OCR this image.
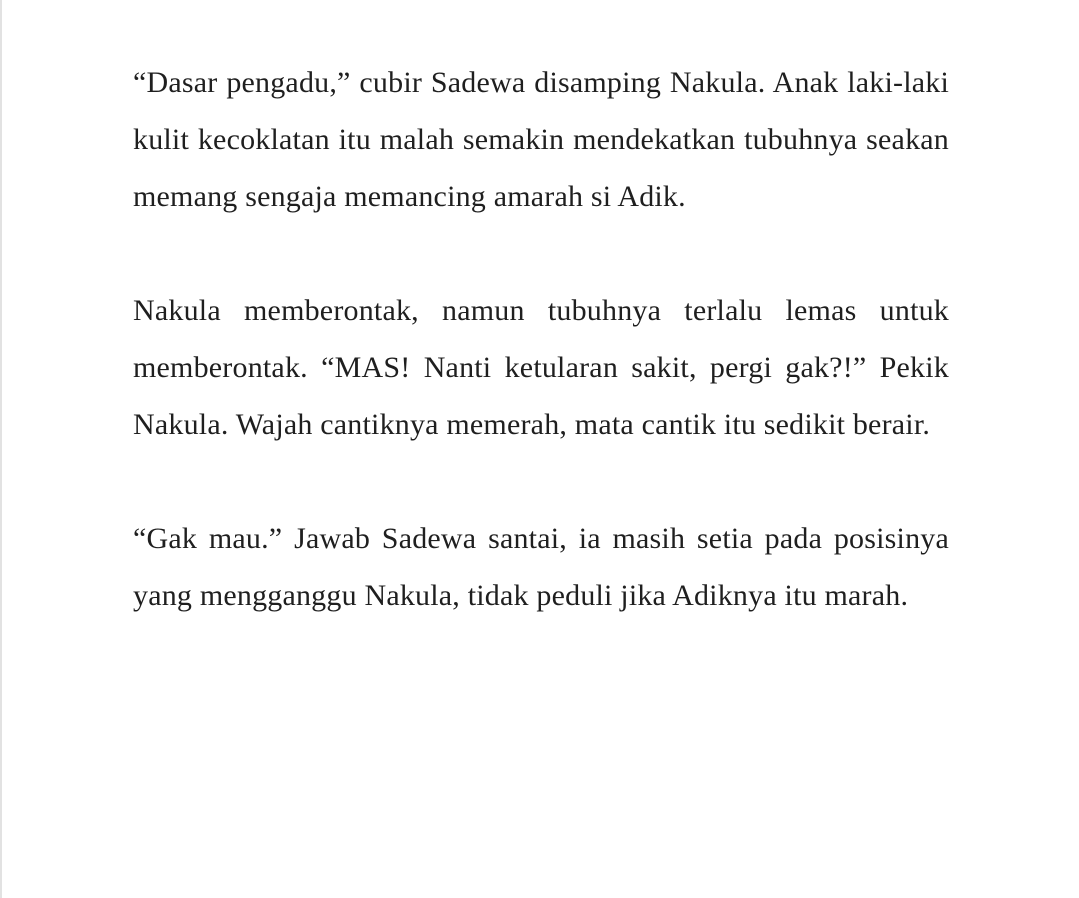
“Dasar pengadu,” cubir Sadewa disamping Nakula. Anak laki-laki kulit kecoklatan itu malah semakin mendekatkan tubuhnya seakan memang sengaja memancing amarah si Adik.

Nakula memberontak, namun tubuhnya terlalu lemas untuk memberontak. “MAS! Nanti ketularan sakit, pergi gak?!” Pekik Nakula. Wajah cantiknya memerah, mata cantik itu sedikit berair.

“Gak mau.” Jawab Sadewa santai, ia masih setia pada posisinya yang mengganggu Nakula, tidak peduli jika Adiknya itu marah.
